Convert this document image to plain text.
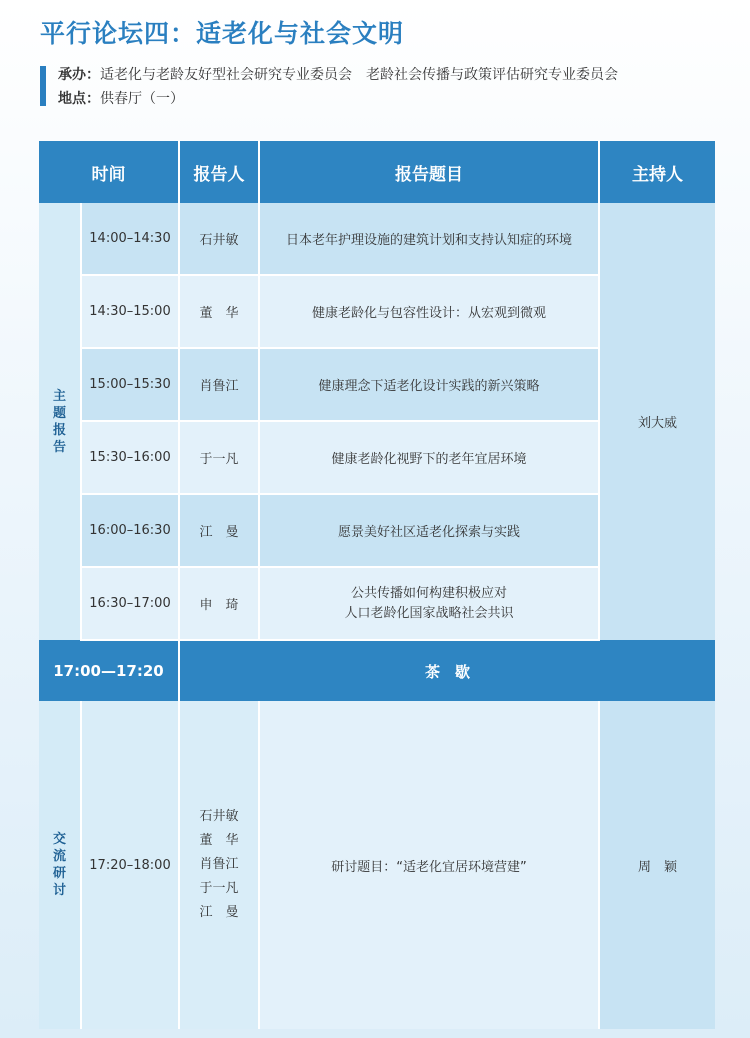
平行论坛四：适老化与社会文明
承办：适老化与老龄友好型社会研究专业委员会　老龄社会传播与政策评估研究专业委员会
地点：供春厅（一）
时间		报告人	报告题目	主持人
主题报告	14:00–14:30	石井敏	日本老年护理设施的建筑计划和支持认知症的环境	刘大威
	14:30–15:00	董　华	健康老龄化与包容性设计：从宏观到微观	
	15:00–15:30	肖鲁江	健康理念下适老化设计实践的新兴策略	
	15:30–16:00	于一凡	健康老龄化视野下的老年宜居环境	
	16:00–16:30	江　曼	愿景美好社区适老化探索与实践	
	16:30–17:00	申　琦	公共传播如何构建积极应对
人口老龄化国家战略社会共识	

17:00—17:20		茶　歇		
交流研讨	17:20–18:00	石井敏
董　华
肖鲁江
于一凡
江　曼	研讨题目：“适老化宜居环境营建”	周　颖
